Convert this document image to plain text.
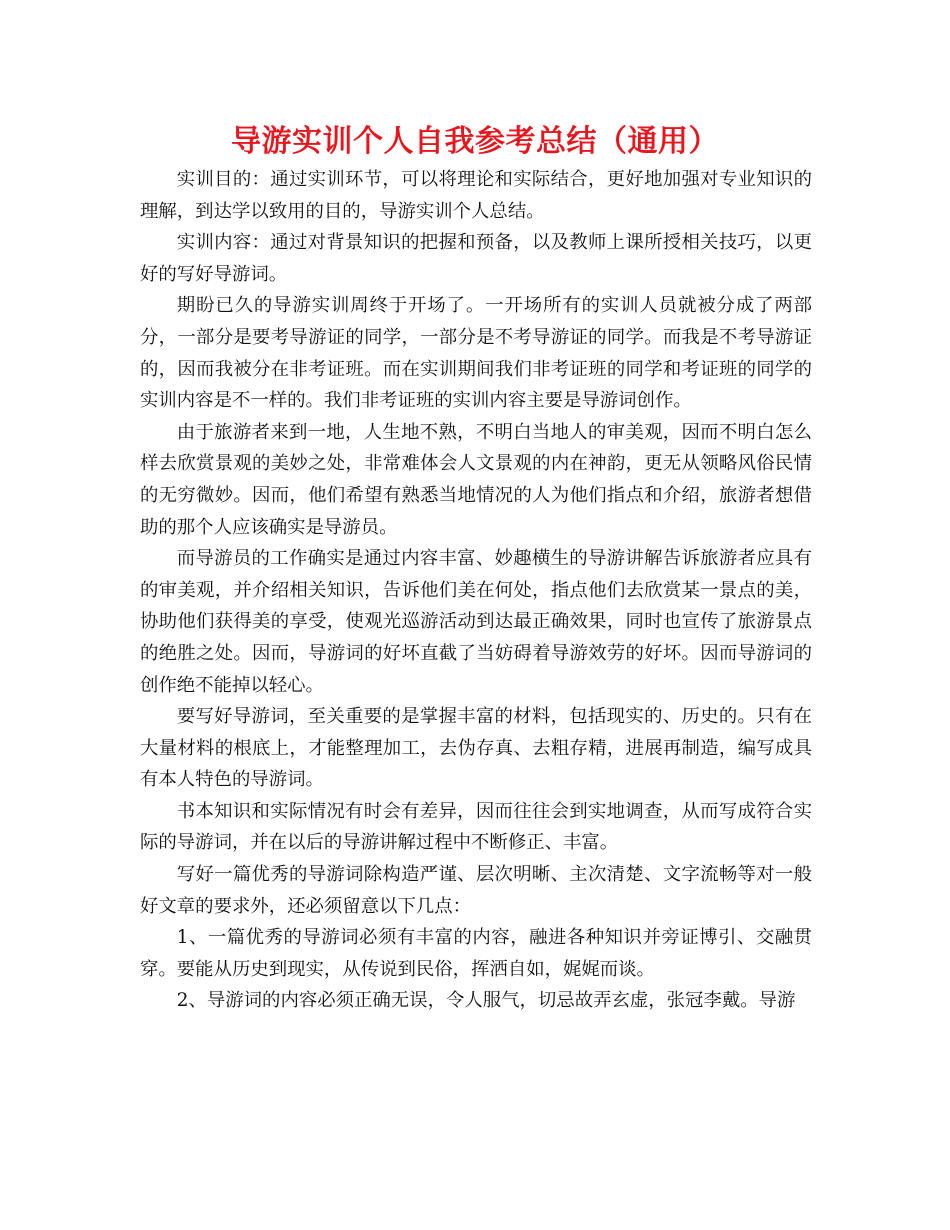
导游实训个人自我参考总结（通用）

实训目的：通过实训环节，可以将理论和实际结合，更好地加强对专业知识的理解，到达学以致用的目的，导游实训个人总结。

实训内容：通过对背景知识的把握和预备，以及教师上课所授相关技巧，以更好的写好导游词。

期盼已久的导游实训周终于开场了。一开场所有的实训人员就被分成了两部分，一部分是要考导游证的同学，一部分是不考导游证的同学。而我是不考导游证的，因而我被分在非考证班。而在实训期间我们非考证班的同学和考证班的同学的实训内容是不一样的。我们非考证班的实训内容主要是导游词创作。

由于旅游者来到一地，人生地不熟，不明白当地人的审美观，因而不明白怎么样去欣赏景观的美妙之处，非常难体会人文景观的内在神韵，更无从领略风俗民情的无穷微妙。因而，他们希望有熟悉当地情况的人为他们指点和介绍，旅游者想借助的那个人应该确实是导游员。

而导游员的工作确实是通过内容丰富、妙趣横生的导游讲解告诉旅游者应具有的审美观，并介绍相关知识，告诉他们美在何处，指点他们去欣赏某一景点的美，协助他们获得美的享受，使观光巡游活动到达最正确效果，同时也宣传了旅游景点的绝胜之处。因而，导游词的好坏直截了当妨碍着导游效劳的好坏。因而导游词的创作绝不能掉以轻心。

要写好导游词，至关重要的是掌握丰富的材料，包括现实的、历史的。只有在大量材料的根底上，才能整理加工，去伪存真、去粗存精，进展再制造，编写成具有本人特色的导游词。

书本知识和实际情况有时会有差异，因而往往会到实地调查，从而写成符合实际的导游词，并在以后的导游讲解过程中不断修正、丰富。

写好一篇优秀的导游词除构造严谨、层次明晰、主次清楚、文字流畅等对一般好文章的要求外，还必须留意以下几点：

1、一篇优秀的导游词必须有丰富的内容，融进各种知识并旁证博引、交融贯穿。要能从历史到现实，从传说到民俗，挥洒自如，娓娓而谈。

2、导游词的内容必须正确无误，令人服气，切忌故弄玄虚，张冠李戴。导游
